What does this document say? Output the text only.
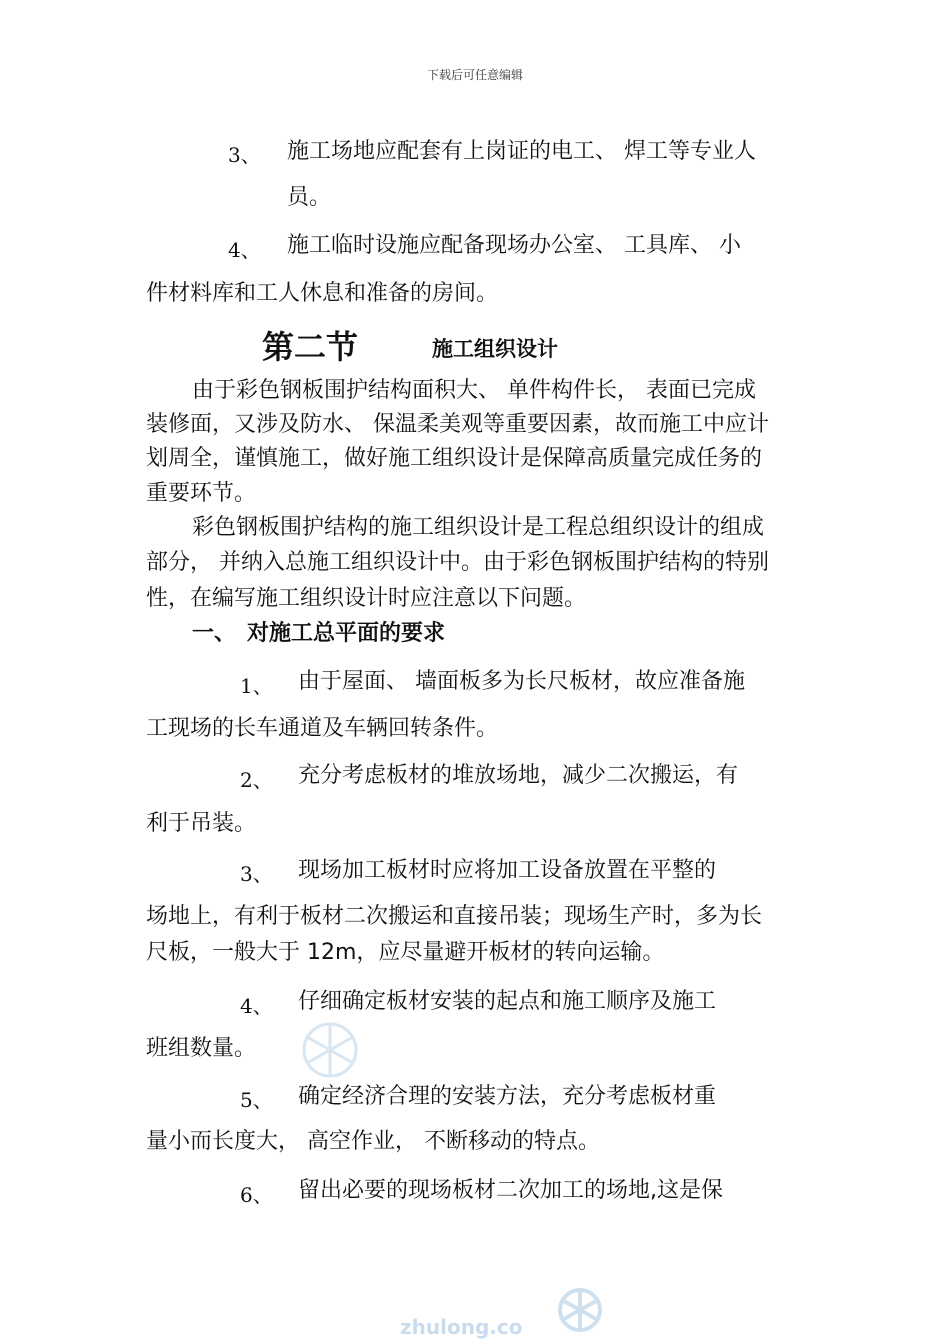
下载后可任意编辑
3、 施工场地应配套有上岗证的电工、 焊工等专业人
员。
4、 施工临时设施应配备现场办公室、 工具库、 小
件材料库和工人休息和准备的房间。
第二节	施工组织设计
由于彩色钢板围护结构面积大、 单件构件长， 表面已完成
装修面，又涉及防水、 保温柔美观等重要因素，故而施工中应计
划周全，谨慎施工，做好施工组织设计是保障高质量完成任务的
重要环节。
彩色钢板围护结构的施工组织设计是工程总组织设计的组成
部分， 并纳入总施工组织设计中。由于彩色钢板围护结构的特别
性，在编写施工组织设计时应注意以下问题。
一、 对施工总平面的要求
1、 由于屋面、 墙面板多为长尺板材，故应准备施
工现场的长车通道及车辆回转条件。
2、 充分考虑板材的堆放场地，减少二次搬运，有
利于吊装。
3、 现场加工板材时应将加工设备放置在平整的
场地上，有利于板材二次搬运和直接吊装；现场生产时，多为长
尺板，一般大于 12m，应尽量避开板材的转向运输。
4、 仔细确定板材安装的起点和施工顺序及施工
班组数量。
5、 确定经济合理的安装方法，充分考虑板材重
量小而长度大， 高空作业， 不断移动的特点。
6、 留出必要的现场板材二次加工的场地,这是保
zhulong.co
